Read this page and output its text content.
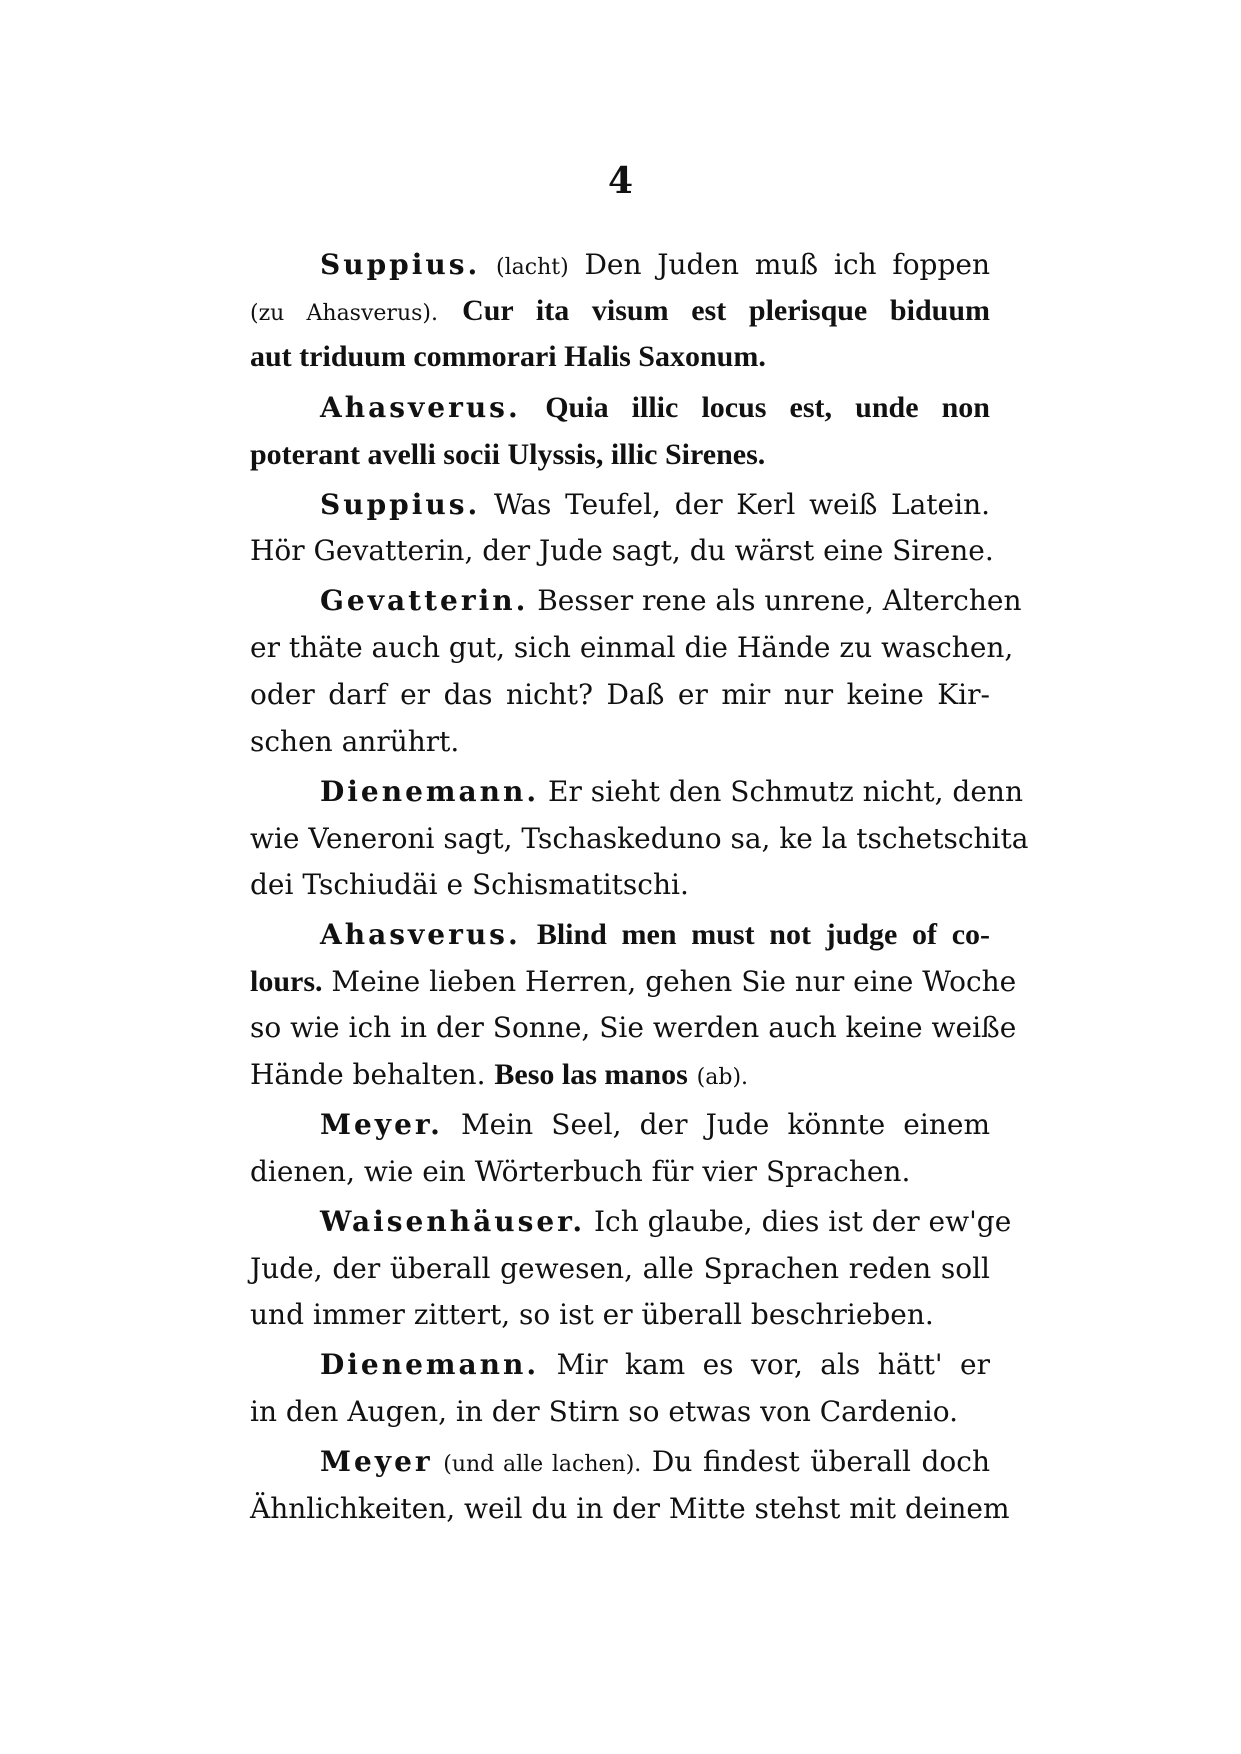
4
Suppius. (lacht) Den Juden muß ich foppen
(zu Ahasverus). Cur ita visum est plerisque biduum
aut triduum commorari Halis Saxonum.
Ahasverus. Quia illic locus est, unde non
poterant avelli socii Ulyssis, illic Sirenes.
Suppius. Was Teufel, der Kerl weiß Latein.
Hör Gevatterin, der Jude sagt, du wärst eine Sirene.
Gevatterin. Besser rene als unrene, Alterchen
er thäte auch gut, sich einmal die Hände zu waschen,
oder darf er das nicht? Daß er mir nur keine Kir-
schen anrührt.
Dienemann. Er sieht den Schmutz nicht, denn
wie Veneroni sagt, Tschaskeduno sa, ke la tschetschita
dei Tschiudäi e Schismatitschi.
Ahasverus. Blind men must not judge of co-
lours. Meine lieben Herren, gehen Sie nur eine Woche
so wie ich in der Sonne, Sie werden auch keine weiße
Hände behalten. Beso las manos (ab).
Meyer. Mein Seel, der Jude könnte einem
dienen, wie ein Wörterbuch für vier Sprachen.
Waisenhäuser. Ich glaube, dies ist der ew'ge
Jude, der überall gewesen, alle Sprachen reden soll
und immer zittert, so ist er überall beschrieben.
Dienemann. Mir kam es vor, als hätt' er
in den Augen, in der Stirn so etwas von Cardenio.
Meyer (und alle lachen). Du findest überall doch
Ähnlichkeiten, weil du in der Mitte stehst mit deinem
